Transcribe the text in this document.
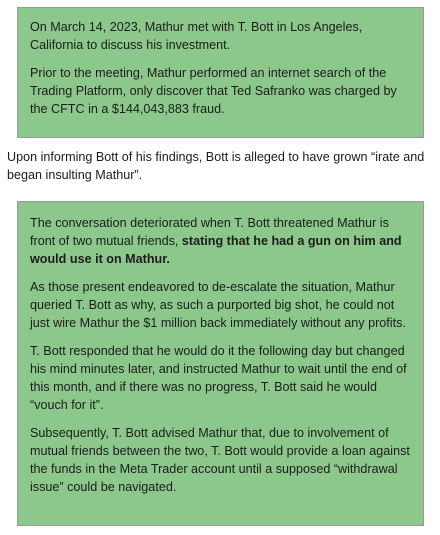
On March 14, 2023, Mathur met with T. Bott in Los Angeles, California to discuss his investment.

Prior to the meeting, Mathur performed an internet search of the Trading Platform, only discover that Ted Safranko was charged by the CFTC in a $144,043,883 fraud.

Upon informing Bott of his findings, Bott is alleged to have grown “irate and began insulting Mathur”.

The conversation deteriorated when T. Bott threatened Mathur is front of two mutual friends, stating that he had a gun on him and would use it on Mathur.

As those present endeavored to de-escalate the situation, Mathur queried T. Bott as why, as such a purported big shot, he could not just wire Mathur the $1 million back immediately without any profits.

T. Bott responded that he would do it the following day but changed his mind minutes later, and instructed Mathur to wait until the end of this month, and if there was no progress, T. Bott said he would “vouch for it”.

Subsequently, T. Bott advised Mathur that, due to involvement of mutual friends between the two, T. Bott would provide a loan against the funds in the Meta Trader account until a supposed “withdrawal issue” could be navigated.
